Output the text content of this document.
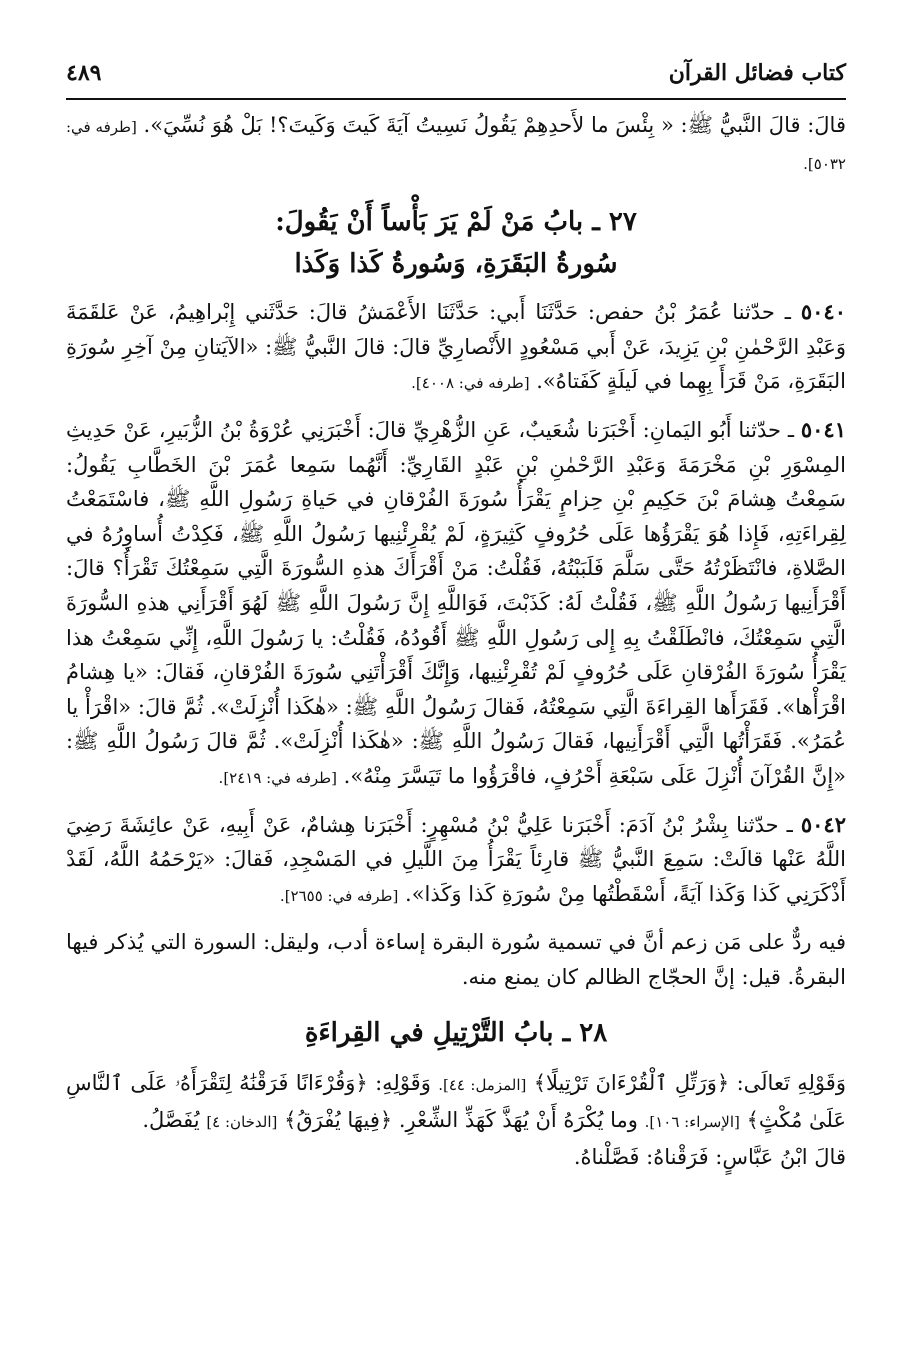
كتاب فضائل القرآن
٤٨٩
قالَ: قالَ النَّبيُّ ﷺ: « بِئْسَ ما لأَحدِهِمْ يَقُولُ نَسِيتُ آيَةَ كَيتَ وَكَيتَ؟! بَلْ هُوَ نُسِّيَ». [طرفه في: ٥٠٣٢].

٢٧ ـ بابُ مَنْ لَمْ يَرَ بَأْساً أَنْ يَقُولَ:

سُورةُ البَقَرَةِ، وَسُورةُ كَذا وَكَذا

٥٠٤٠ ـ حدّثنا عُمَرُ بْنُ حفص: حَدَّثَنَا أَبي: حَدَّثَنَا الأَعْمَشُ قالَ: حَدَّثَني إِبْراهِيمُ، عَنْ عَلقَمَةَ وَعَبْدِ الرَّحْمٰنِ بْنِ يَزِيدَ، عَنْ أَبي مَسْعُودٍ الأَنْصارِيِّ قالَ: قالَ النَّبيُّ ﷺ: «الآيَتانِ مِنْ آخِرِ سُورَةِ البَقَرَةِ، مَنْ قَرَأَ بِهِما في لَيلَةٍ كَفَتاهُ». [طرفه في: ٤٠٠٨].
٥٠٤١ ـ حدّثنا أَبُو اليَمانِ: أَخْبَرَنا شُعَيبٌ، عَنِ الزُّهْرِيِّ قالَ: أَخْبَرَنِي عُرْوَةُ بْنُ الزُّبَيرِ، عَنْ حَدِيثِ المِسْوَرِ بْنِ مَخْرَمَةَ وَعَبْدِ الرَّحْمٰنِ بْنِ عَبْدٍ القَارِيِّ: أَنَّهُما سَمِعا عُمَرَ بْنَ الخَطَّابِ يَقُولُ: سَمِعْتُ هِشامَ بْنَ حَكِيمِ بْنِ حِزامٍ يَقْرَأُ سُورَةَ الفُرْقانِ في حَياةِ رَسُولِ اللَّهِ ﷺ، فاسْتَمَعْتُ لِقِراءَتِهِ، فَإِذا هُوَ يَقْرَؤُها عَلَى حُرُوفٍ كَثِيرَةٍ، لَمْ يُقْرِئْنِيها رَسُولُ اللَّهِ ﷺ، فَكِدْتُ أُساوِرُهُ في الصَّلاةِ، فانْتَظَرْتُهُ حَتَّى سَلَّمَ فَلَبَبْتُهُ، فَقُلْتُ: مَنْ أَقْرَأَكَ هذهِ السُّورَةَ الَّتِي سَمِعْتُكَ تَقْرَأُ؟ قالَ: أَقْرَأَنِيها رَسُولُ اللَّهِ ﷺ، فَقُلْتُ لَهُ: كَذَبْتَ، فَوَاللَّهِ إِنَّ رَسُولَ اللَّهِ ﷺ لَهُوَ أَقْرَأَنِي هذهِ السُّورَةَ الَّتِي سَمِعْتُكَ، فانْطَلَقْتُ بِهِ إِلى رَسُولِ اللَّهِ ﷺ أَقُودُهُ، فَقُلْتُ: يا رَسُولَ اللَّهِ، إِنِّي سَمِعْتُ هذا يَقْرَأُ سُورَةَ الفُرْقانِ عَلَى حُرُوفٍ لَمْ تُقْرِئْنِيها، وَإِنَّكَ أَقْرَأْتَنِي سُورَةَ الفُرْقانِ، فَقالَ: «يا هِشامُ اقْرَأْها». فَقَرَأَها القِراءَةَ الَّتِي سَمِعْتُهُ، فَقالَ رَسُولُ اللَّهِ ﷺ: «هٰكَذا أُنْزِلَتْ». ثُمَّ قالَ: «اقْرَأْ يا عُمَرُ». فَقَرَأْتُها الَّتِي أَقْرَأَنِيها، فَقالَ رَسُولُ اللَّهِ ﷺ: «هٰكَذا أُنْزِلَتْ». ثُمَّ قالَ رَسُولُ اللَّهِ ﷺ: «إِنَّ القُرْآنَ أُنْزِلَ عَلَى سَبْعَةِ أَحْرُفٍ، فاقْرَؤُوا ما تَيَسَّرَ مِنْهُ». [طرفه في: ٢٤١٩].
٥٠٤٢ ـ حدّثنا بِشْرُ بْنُ آدَمَ: أَخْبَرَنا عَلِيُّ بْنُ مُسْهِرٍ: أَخْبَرَنا هِشامٌ، عَنْ أَبِيهِ، عَنْ عائِشَةَ رَضِيَ اللَّهُ عَنْها قالَتْ: سَمِعَ النَّبيُّ ﷺ قارِئاً يَقْرَأُ مِنَ اللَّيلِ في المَسْجِدِ، فَقالَ: «يَرْحَمُهُ اللَّهُ، لَقَدْ أَذْكَرَنِي كَذا وَكَذا آيَةً، أَسْقَطْتُها مِنْ سُورَةِ كَذا وَكَذا». [طرفه في: ٢٦٥٥].
فيه ردٌّ على مَن زعم أنَّ في تسمية سُورة البقرة إساءة أدب، وليقل: السورة التي يُذكر فيها البقرةُ. قيل: إنَّ الحجّاج الظالم كان يمنع منه.

٢٨ ـ بابُ التَّرْتِيلِ في القِراءَةِ

وَقَوْلِهِ تَعالَى: ﴿وَرَتِّلِ ٱلْقُرْءَانَ تَرْتِيلًا﴾ [المزمل: ٤٤]. وَقَوْلِهِ: ﴿وَقُرْءَانًا فَرَقْنَٰهُ لِتَقْرَأَهُۥ عَلَى ٱلنَّاسِ عَلَىٰ مُكْثٍ﴾ [الإسراء: ١٠٦]. وما يُكْرَهُ أَنْ يُهَذَّ كَهَذِّ الشِّعْرِ. ﴿فِيهَا يُفْرَقُ﴾ [الدخان: ٤] يُفَصَّلُ.

قالَ ابْنُ عَبَّاسٍ: فَرَقْناهُ: فَصَّلْناهُ.
